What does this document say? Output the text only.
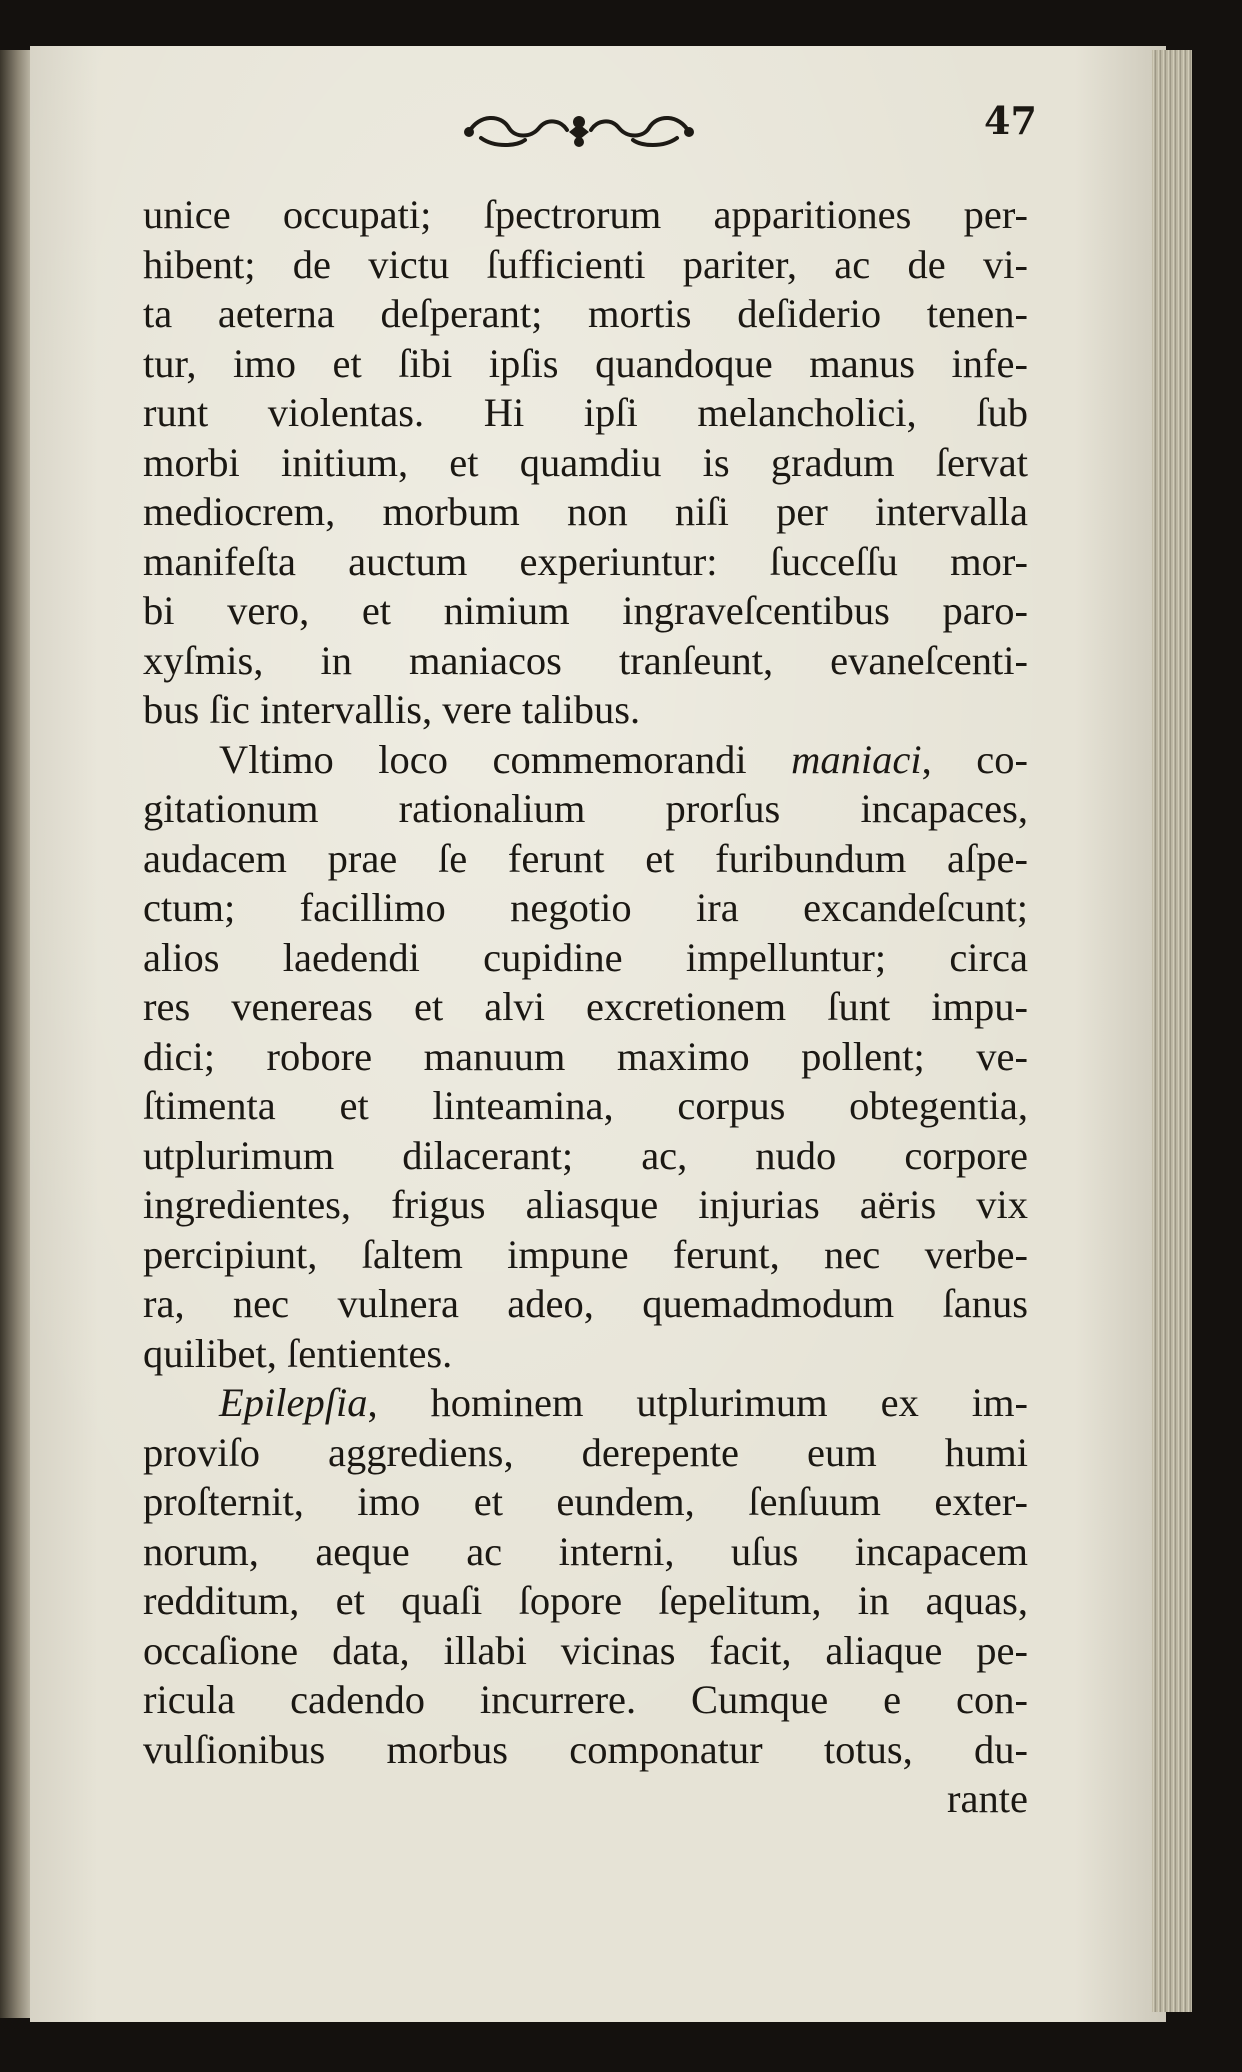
47
unice occupati; ſpectrorum apparitiones per-
hibent; de victu ſufficienti pariter, ac de vi-
ta aeterna deſperant; mortis deſiderio tenen-
tur, imo et ſibi ipſis quandoque manus infe-
runt violentas. Hi ipſi melancholici, ſub
morbi initium, et quamdiu is gradum ſervat
mediocrem, morbum non niſi per intervalla
manifeſta auctum experiuntur: ſucceſſu mor-
bi vero, et nimium ingraveſcentibus paro-
xyſmis, in maniacos tranſeunt, evaneſcenti-
bus ſic intervallis, vere talibus.
Vltimo loco commemorandi maniaci, co-
gitationum rationalium prorſus incapaces,
audacem prae ſe ferunt et furibundum aſpe-
ctum; facillimo negotio ira excandeſcunt;
alios laedendi cupidine impelluntur; circa
res venereas et alvi excretionem ſunt impu-
dici; robore manuum maximo pollent; ve-
ſtimenta et linteamina, corpus obtegentia,
utplurimum dilacerant; ac, nudo corpore
ingredientes, frigus aliasque injurias aëris vix
percipiunt, ſaltem impune ferunt, nec verbe-
ra, nec vulnera adeo, quemadmodum ſanus
quilibet, ſentientes.
Epilepſia, hominem utplurimum ex im-
proviſo aggrediens, derepente eum humi
proſternit, imo et eundem, ſenſuum exter-
norum, aeque ac interni, uſus incapacem
redditum, et quaſi ſopore ſepelitum, in aquas,
occaſione data, illabi vicinas facit, aliaque pe-
ricula cadendo incurrere. Cumque e con-
vulſionibus morbus componatur totus, du-
rante
